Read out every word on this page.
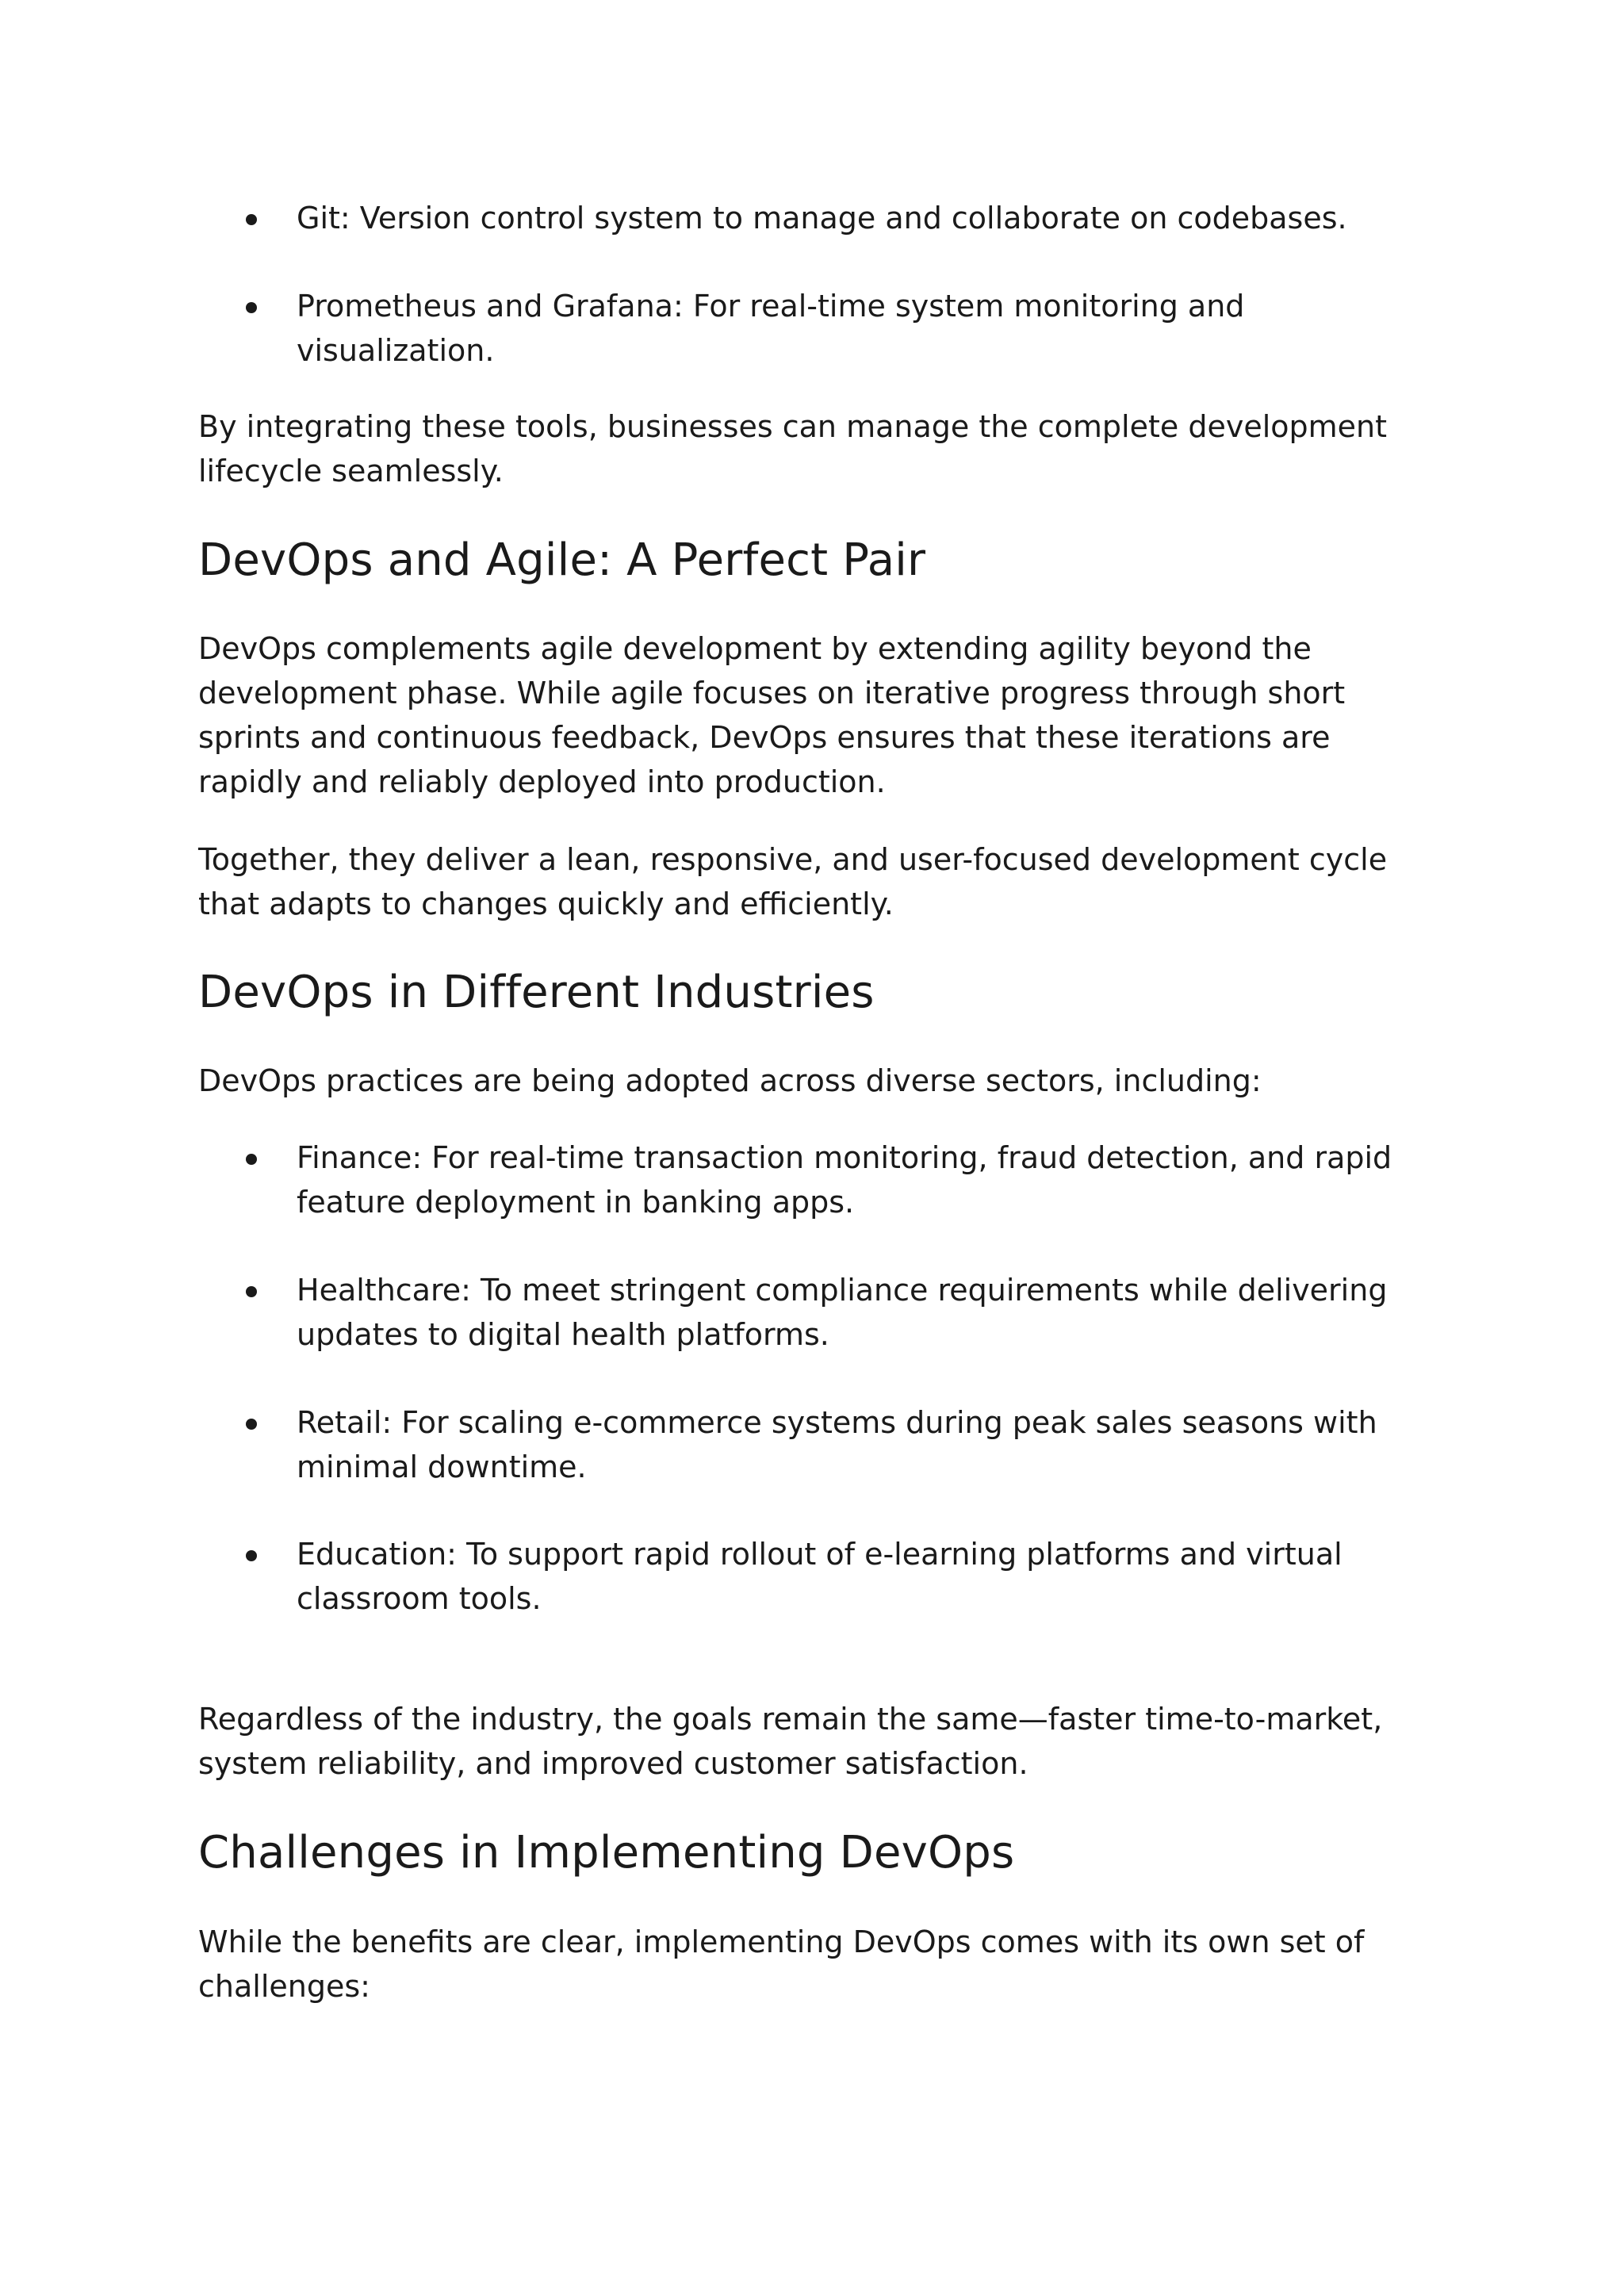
Git: Version control system to manage and collaborate on codebases.
Prometheus and Grafana: For real-time system monitoring and visualization.

By integrating these tools, businesses can manage the complete development lifecycle seamlessly.

DevOps and Agile: A Perfect Pair

DevOps complements agile development by extending agility beyond the development phase. While agile focuses on iterative progress through short sprints and continuous feedback, DevOps ensures that these iterations are rapidly and reliably deployed into production.

Together, they deliver a lean, responsive, and user-focused development cycle that adapts to changes quickly and efficiently.

DevOps in Different Industries

DevOps practices are being adopted across diverse sectors, including:

Finance: For real-time transaction monitoring, fraud detection, and rapid feature deployment in banking apps.
Healthcare: To meet stringent compliance requirements while delivering updates to digital health platforms.
Retail: For scaling e-commerce systems during peak sales seasons with minimal downtime.
Education: To support rapid rollout of e-learning platforms and virtual classroom tools.

Regardless of the industry, the goals remain the same—faster time-to-market, system reliability, and improved customer satisfaction.

Challenges in Implementing DevOps

While the benefits are clear, implementing DevOps comes with its own set of challenges:
